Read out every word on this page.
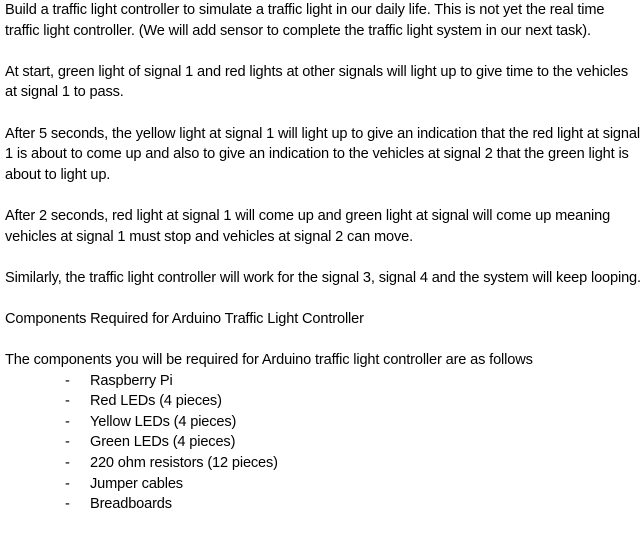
Build a traffic light controller to simulate a traffic light in our daily life. This is not yet the real time traffic light controller. (We will add sensor to complete the traffic light system in our next task).

At start, green light of signal 1 and red lights at other signals will light up to give time to the vehicles at signal 1 to pass.

After 5 seconds, the yellow light at signal 1 will light up to give an indication that the red light at signal 1 is about to come up and also to give an indication to the vehicles at signal 2 that the green light is about to light up.

After 2 seconds, red light at signal 1 will come up and green light at signal will come up meaning vehicles at signal 1 must stop and vehicles at signal 2 can move.

Similarly, the traffic light controller will work for the signal 3, signal 4 and the system will keep looping.

Components Required for Arduino Traffic Light Controller

The components you will be required for Arduino traffic light controller are as follows

-	Raspberry Pi
-	Red LEDs (4 pieces)
-	Yellow LEDs (4 pieces)
-	Green LEDs (4 pieces)
-	220 ohm resistors (12 pieces)
-	Jumper cables
-	Breadboards
